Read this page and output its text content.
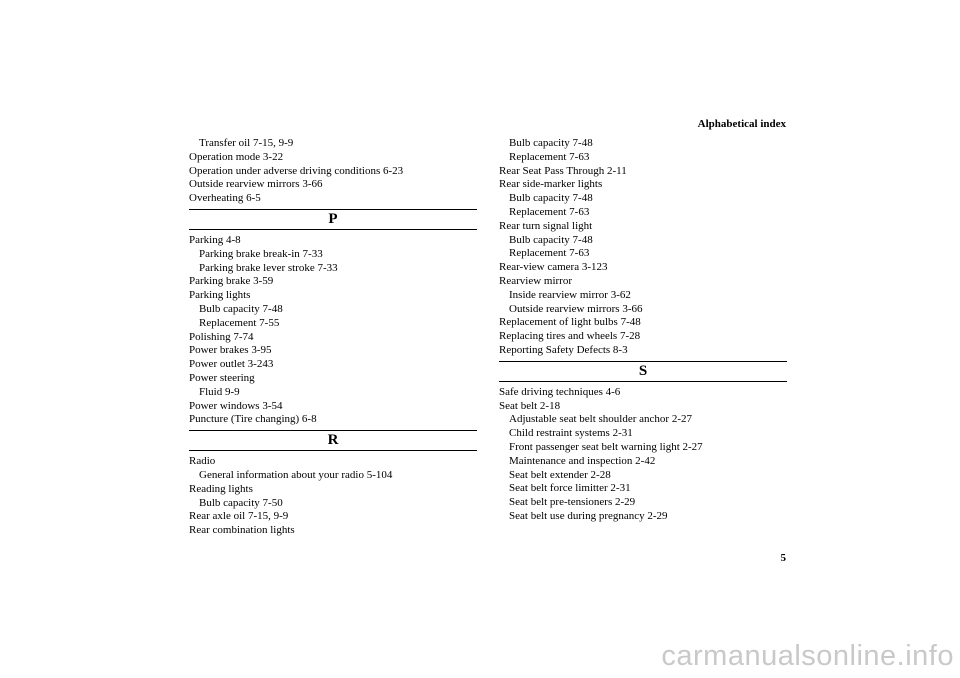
Alphabetical index
Transfer oil 7-15, 9-9
Operation mode 3-22
Operation under adverse driving conditions 6-23
Outside rearview mirrors 3-66
Overheating 6-5
P
Parking 4-8
Parking brake break-in 7-33
Parking brake lever stroke 7-33
Parking brake 3-59
Parking lights
Bulb capacity 7-48
Replacement 7-55
Polishing 7-74
Power brakes 3-95
Power outlet 3-243
Power steering
Fluid 9-9
Power windows 3-54
Puncture (Tire changing) 6-8
R
Radio
General information about your radio 5-104
Reading lights
Bulb capacity 7-50
Rear axle oil 7-15, 9-9
Rear combination lights
Bulb capacity 7-48
Replacement 7-63
Rear Seat Pass Through 2-11
Rear side-marker lights
Bulb capacity 7-48
Replacement 7-63
Rear turn signal light
Bulb capacity 7-48
Replacement 7-63
Rear-view camera 3-123
Rearview mirror
Inside rearview mirror 3-62
Outside rearview mirrors 3-66
Replacement of light bulbs 7-48
Replacing tires and wheels 7-28
Reporting Safety Defects 8-3
S
Safe driving techniques 4-6
Seat belt 2-18
Adjustable seat belt shoulder anchor 2-27
Child restraint systems 2-31
Front passenger seat belt warning light 2-27
Maintenance and inspection 2-42
Seat belt extender 2-28
Seat belt force limitter 2-31
Seat belt pre-tensioners 2-29
Seat belt use during pregnancy 2-29
5
carmanualsonline.info
